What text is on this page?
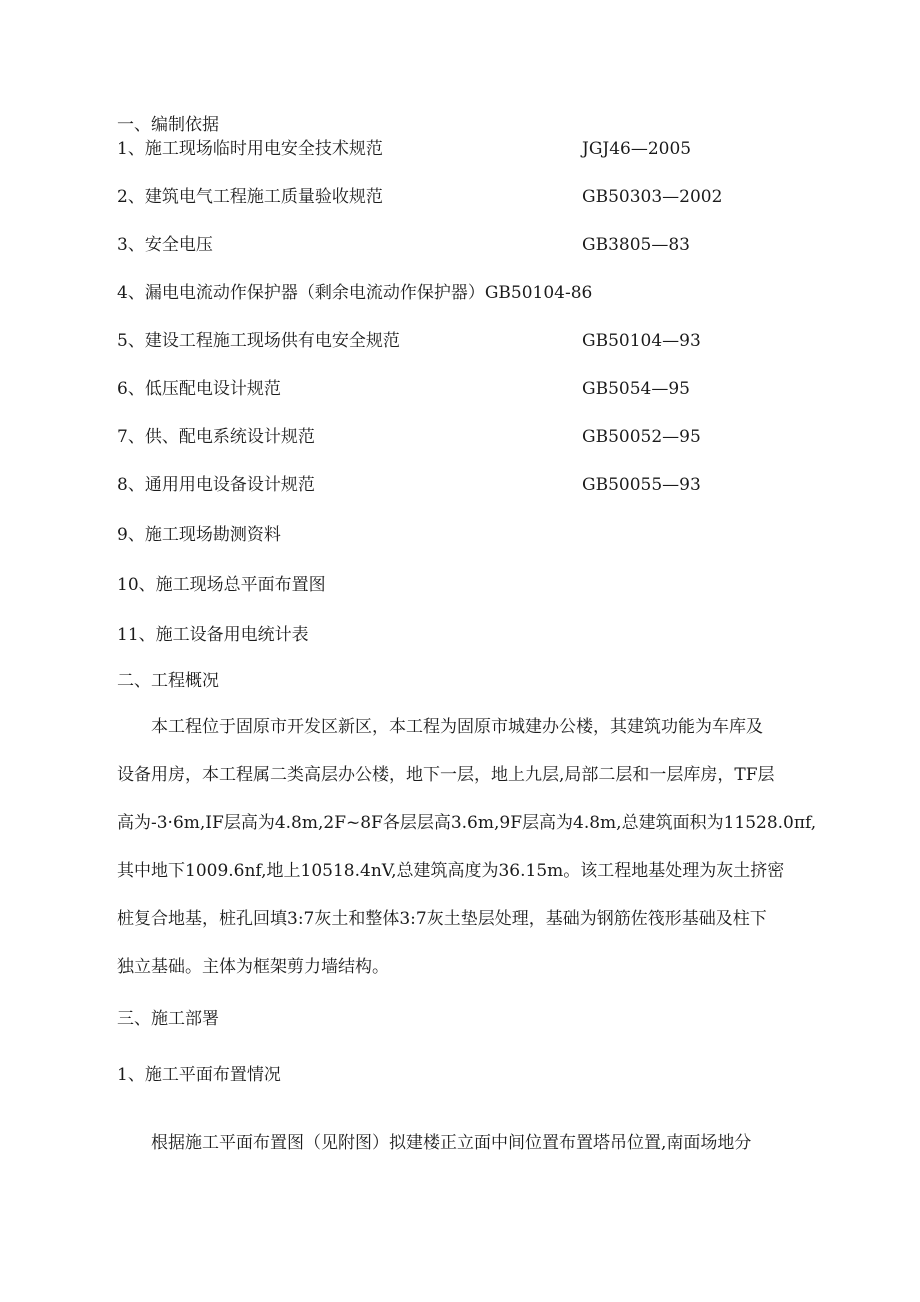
一、编制依据
1、施工现场临时用电安全技术规范	JGJ46—2005
2、建筑电气工程施工质量验收规范	GB50303—2002
3、安全电压	GB3805—83
4、漏电电流动作保护器（剩余电流动作保护器）GB50104-86
5、建设工程施工现场供有电安全规范	GB50104—93
6、低压配电设计规范	GB5054—95
7、供、配电系统设计规范	GB50052—95
8、通用用电设备设计规范	GB50055—93
9、施工现场勘测资料
10、施工现场总平面布置图
11、施工设备用电统计表
二、工程概况
　　本工程位于固原市开发区新区，本工程为固原市城建办公楼，其建筑功能为车库及
设备用房，本工程属二类高层办公楼，地下一层，地上九层,局部二层和一层库房，TF层
高为-3·6m,IF层高为4.8m,2F~8F各层层高3.6m,9F层高为4.8m,总建筑面积为11528.0πf,
其中地下1009.6nf,地上10518.4nV,总建筑高度为36.15m。该工程地基处理为灰土挤密
桩复合地基，桩孔回填3:7灰土和整体3:7灰土垫层处理，基础为钢筋佐筏形基础及柱下
独立基础。主体为框架剪力墙结构。
三、施工部署
1、施工平面布置情况
　　根据施工平面布置图（见附图）拟建楼正立面中间位置布置塔吊位置,南面场地分
